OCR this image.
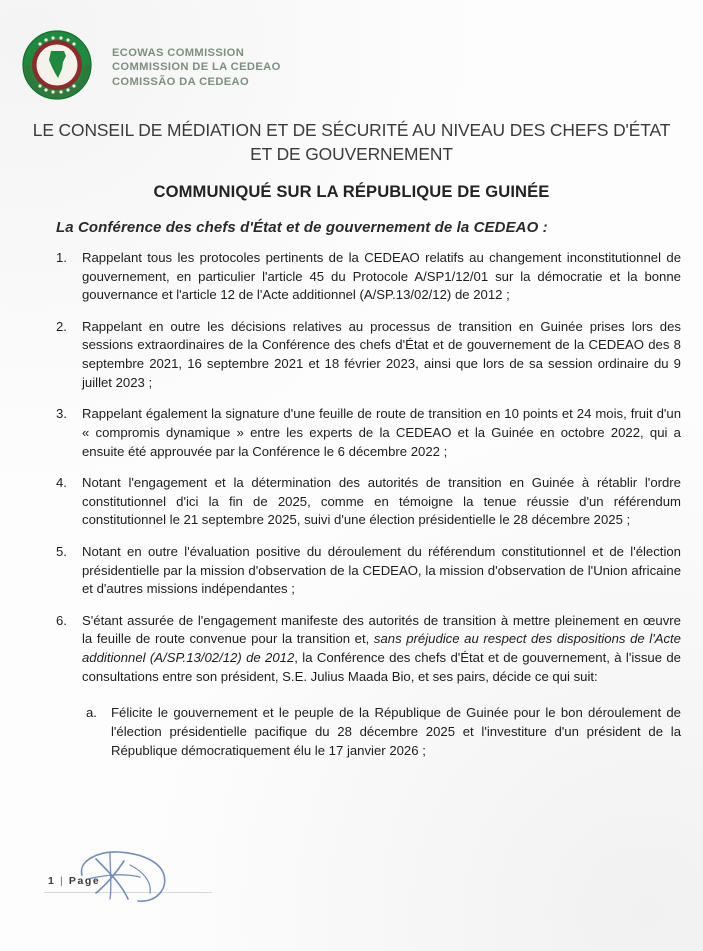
ECOWAS COMMISSION
COMMISSION DE LA CEDEAO
COMISSÃO DA CEDEAO
LE CONSEIL DE MÉDIATION ET DE SÉCURITÉ AU NIVEAU DES CHEFS D'ÉTAT ET DE GOUVERNEMENT
COMMUNIQUÉ SUR LA RÉPUBLIQUE DE GUINÉE
La Conférence des chefs d'État et de gouvernement de la CEDEAO :
1.	Rappelant tous les protocoles pertinents de la CEDEAO relatifs au changement inconstitutionnel de gouvernement, en particulier l'article 45 du Protocole A/SP1/12/01 sur la démocratie et la bonne gouvernance et l'article 12 de l'Acte additionnel (A/SP.13/02/12) de 2012 ;
2.	Rappelant en outre les décisions relatives au processus de transition en Guinée prises lors des sessions extraordinaires de la Conférence des chefs d'État et de gouvernement de la CEDEAO des 8 septembre 2021, 16 septembre 2021 et 18 février 2023, ainsi que lors de sa session ordinaire du 9 juillet 2023 ;
3.	Rappelant également la signature d'une feuille de route de transition en 10 points et 24 mois, fruit d'un « compromis dynamique » entre les experts de la CEDEAO et la Guinée en octobre 2022, qui a ensuite été approuvée par la Conférence le 6 décembre 2022 ;
4.	Notant l'engagement et la détermination des autorités de transition en Guinée à rétablir l'ordre constitutionnel d'ici la fin de 2025, comme en témoigne la tenue réussie d'un référendum constitutionnel le 21 septembre 2025, suivi d'une élection présidentielle le 28 décembre 2025 ;
5.	Notant en outre l'évaluation positive du déroulement du référendum constitutionnel et de l'élection présidentielle par la mission d'observation de la CEDEAO, la mission d'observation de l'Union africaine et d'autres missions indépendantes ;
6.	S'étant assurée de l'engagement manifeste des autorités de transition à mettre pleinement en œuvre la feuille de route convenue pour la transition et, sans préjudice au respect des dispositions de l'Acte additionnel (A/SP.13/02/12) de 2012, la Conférence des chefs d'État et de gouvernement, à l'issue de consultations entre son président, S.E. Julius Maada Bio, et ses pairs, décide ce qui suit:
a. Félicite le gouvernement et le peuple de la République de Guinée pour le bon déroulement de l'élection présidentielle pacifique du 28 décembre 2025 et l'investiture d'un président de la République démocratiquement élu le 17 janvier 2026 ;
1 | Page
